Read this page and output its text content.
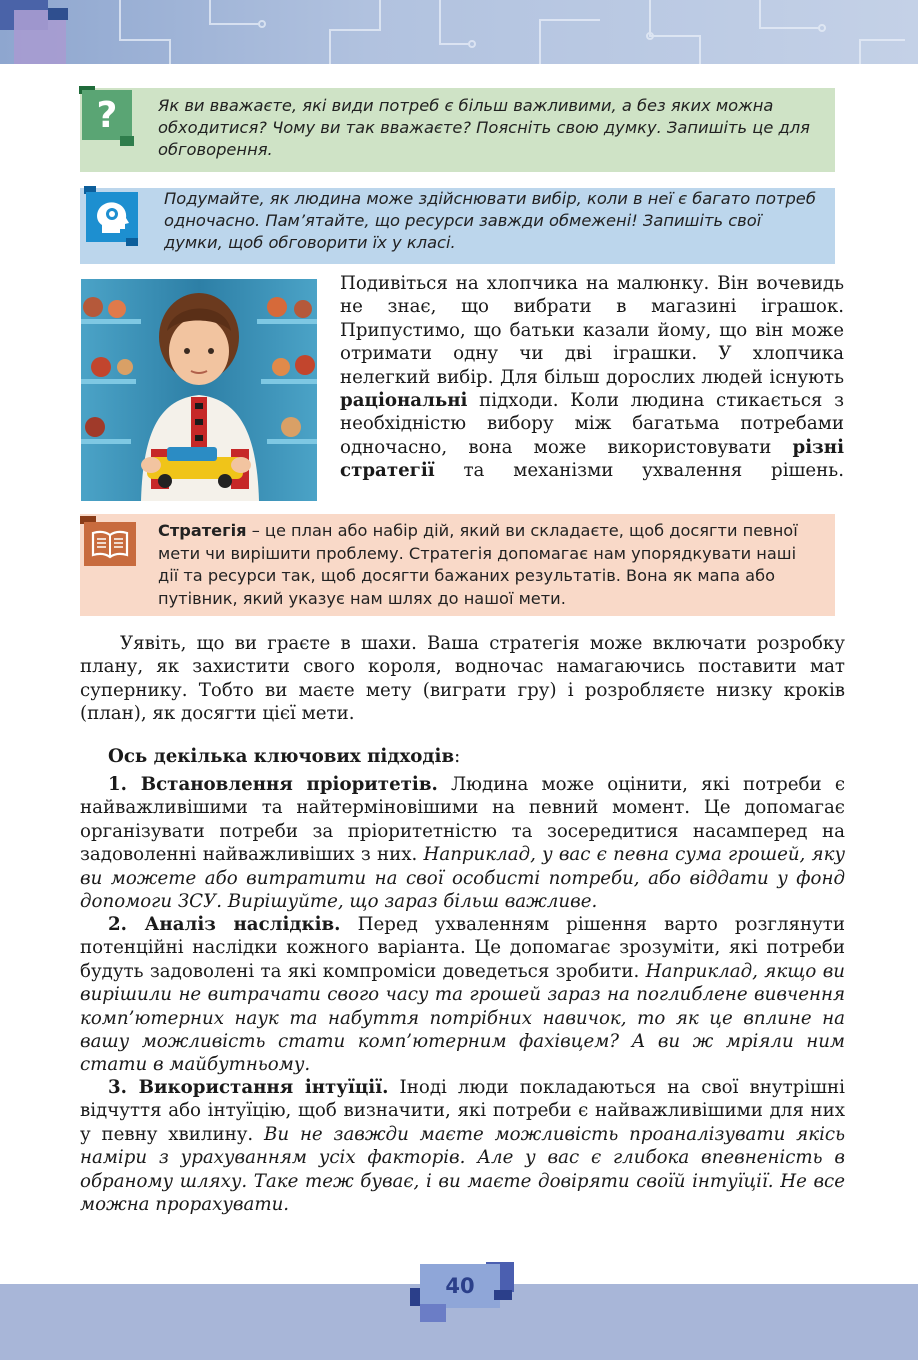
Як ви вважаєте, які види потреб є більш важливими, а без яких можна обходитися? Чому ви так вважаєте? Поясніть свою думку. Запишіть це для обговорення.
?
Подумайте, як людина може здійснювати вибір, коли в неї є багато потреб одночасно. Пам’ятайте, що ресурси завжди обмежені! Запишіть свої думки, щоб обговорити їх у класі.
Подивіться на хлопчика на малюнку. Він вочевидь не знає, що вибрати в магазині іграшок. Припустимо, що батьки казали йому, що він може отримати одну чи дві іграшки. У хлопчика нелегкий вибір. Для більш дорослих людей існують раціональні підходи. Коли людина стикається з необхідністю вибору між багатьма потребами одночасно, вона може використовувати різні стратегії та механізми ухвалення рішень.
Стратегія – це план або набір дій, який ви складаєте, щоб досягти певної мети чи вирішити проблему. Стратегія допомагає нам упорядкувати наші дії та ресурси так, щоб досягти бажаних результатів. Вона як мапа або путівник, який указує нам шлях до нашої мети.
Уявіть, що ви граєте в шахи. Ваша стратегія може включати розробку плану, як захистити свого короля, водночас намагаючись поставити мат супернику. Тобто ви маєте мету (виграти гру) і розробляєте низку кроків (план), як досягти цієї мети.
Ось декілька ключових підходів:
1. Встановлення пріоритетів. Людина може оцінити, які потреби є найважливішими та найтерміновішими на певний момент. Це допомагає організувати потреби за пріоритетністю та зосередитися насамперед на задоволенні найважливіших з них. Наприклад, у вас є певна сума грошей, яку ви можете або витратити на свої особисті потреби, або віддати у фонд допомоги ЗСУ. Вирішуйте, що зараз більш важливе.
2. Аналіз наслідків. Перед ухваленням рішення варто розглянути потенційні наслідки кожного варіанта. Це допомагає зрозуміти, які потреби будуть задоволені та які компроміси доведеться зробити. Наприклад, якщо ви вирішили не витрачати свого часу та грошей зараз на поглиблене вивчення комп’ютерних наук та набуття потрібних навичок, то як це вплине на вашу можливість стати комп’ютерним фахівцем? А ви ж мріяли ним стати в майбутньому.
3. Використання інтуїції. Іноді люди покладаються на свої внутрішні відчуття або інтуїцію, щоб визначити, які потреби є найважливішими для них у певну хвилину. Ви не завжди маєте можливість проаналізувати якісь наміри з урахуванням усіх факторів. Але у вас є глибока впевненість в обраному шляху. Таке теж буває, і ви маєте довіряти своїй інтуїції. Не все можна прорахувати.
40
